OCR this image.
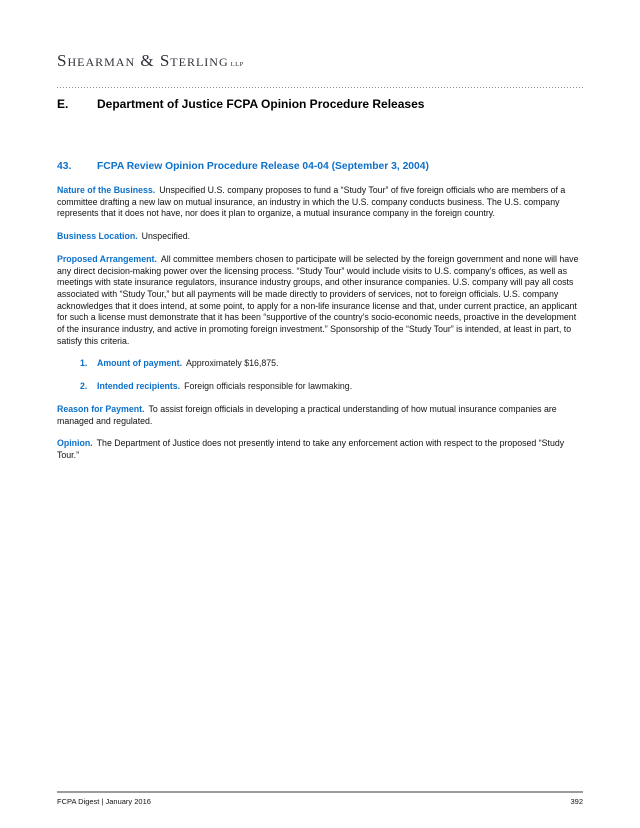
Shearman & Sterling LLP
E.	Department of Justice FCPA Opinion Procedure Releases
43.	FCPA Review Opinion Procedure Release 04-04 (September 3, 2004)

Nature of the Business. Unspecified U.S. company proposes to fund a “Study Tour” of five foreign officials who are members of a committee drafting a new law on mutual insurance, an industry in which the U.S. company conducts business. The U.S. company represents that it does not have, nor does it plan to organize, a mutual insurance company in the foreign country.

Business Location. Unspecified.

Proposed Arrangement. All committee members chosen to participate will be selected by the foreign government and none will have any direct decision-making power over the licensing process. “Study Tour” would include visits to U.S. company’s offices, as well as meetings with state insurance regulators, insurance industry groups, and other insurance companies. U.S. company will pay all costs associated with “Study Tour,” but all payments will be made directly to providers of services, not to foreign officials. U.S. company acknowledges that it does intend, at some point, to apply for a non-life insurance license and that, under current practice, an applicant for such a license must demonstrate that it has been “supportive of the country’s socio-economic needs, proactive in the development of the insurance industry, and active in promoting foreign investment.” Sponsorship of the “Study Tour” is intended, at least in part, to satisfy this criteria.

1. Amount of payment. Approximately $16,875.
2. Intended recipients. Foreign officials responsible for lawmaking.

Reason for Payment. To assist foreign officials in developing a practical understanding of how mutual insurance companies are managed and regulated.

Opinion. The Department of Justice does not presently intend to take any enforcement action with respect to the proposed “Study Tour.”

FCPA Digest | January 2016	392
